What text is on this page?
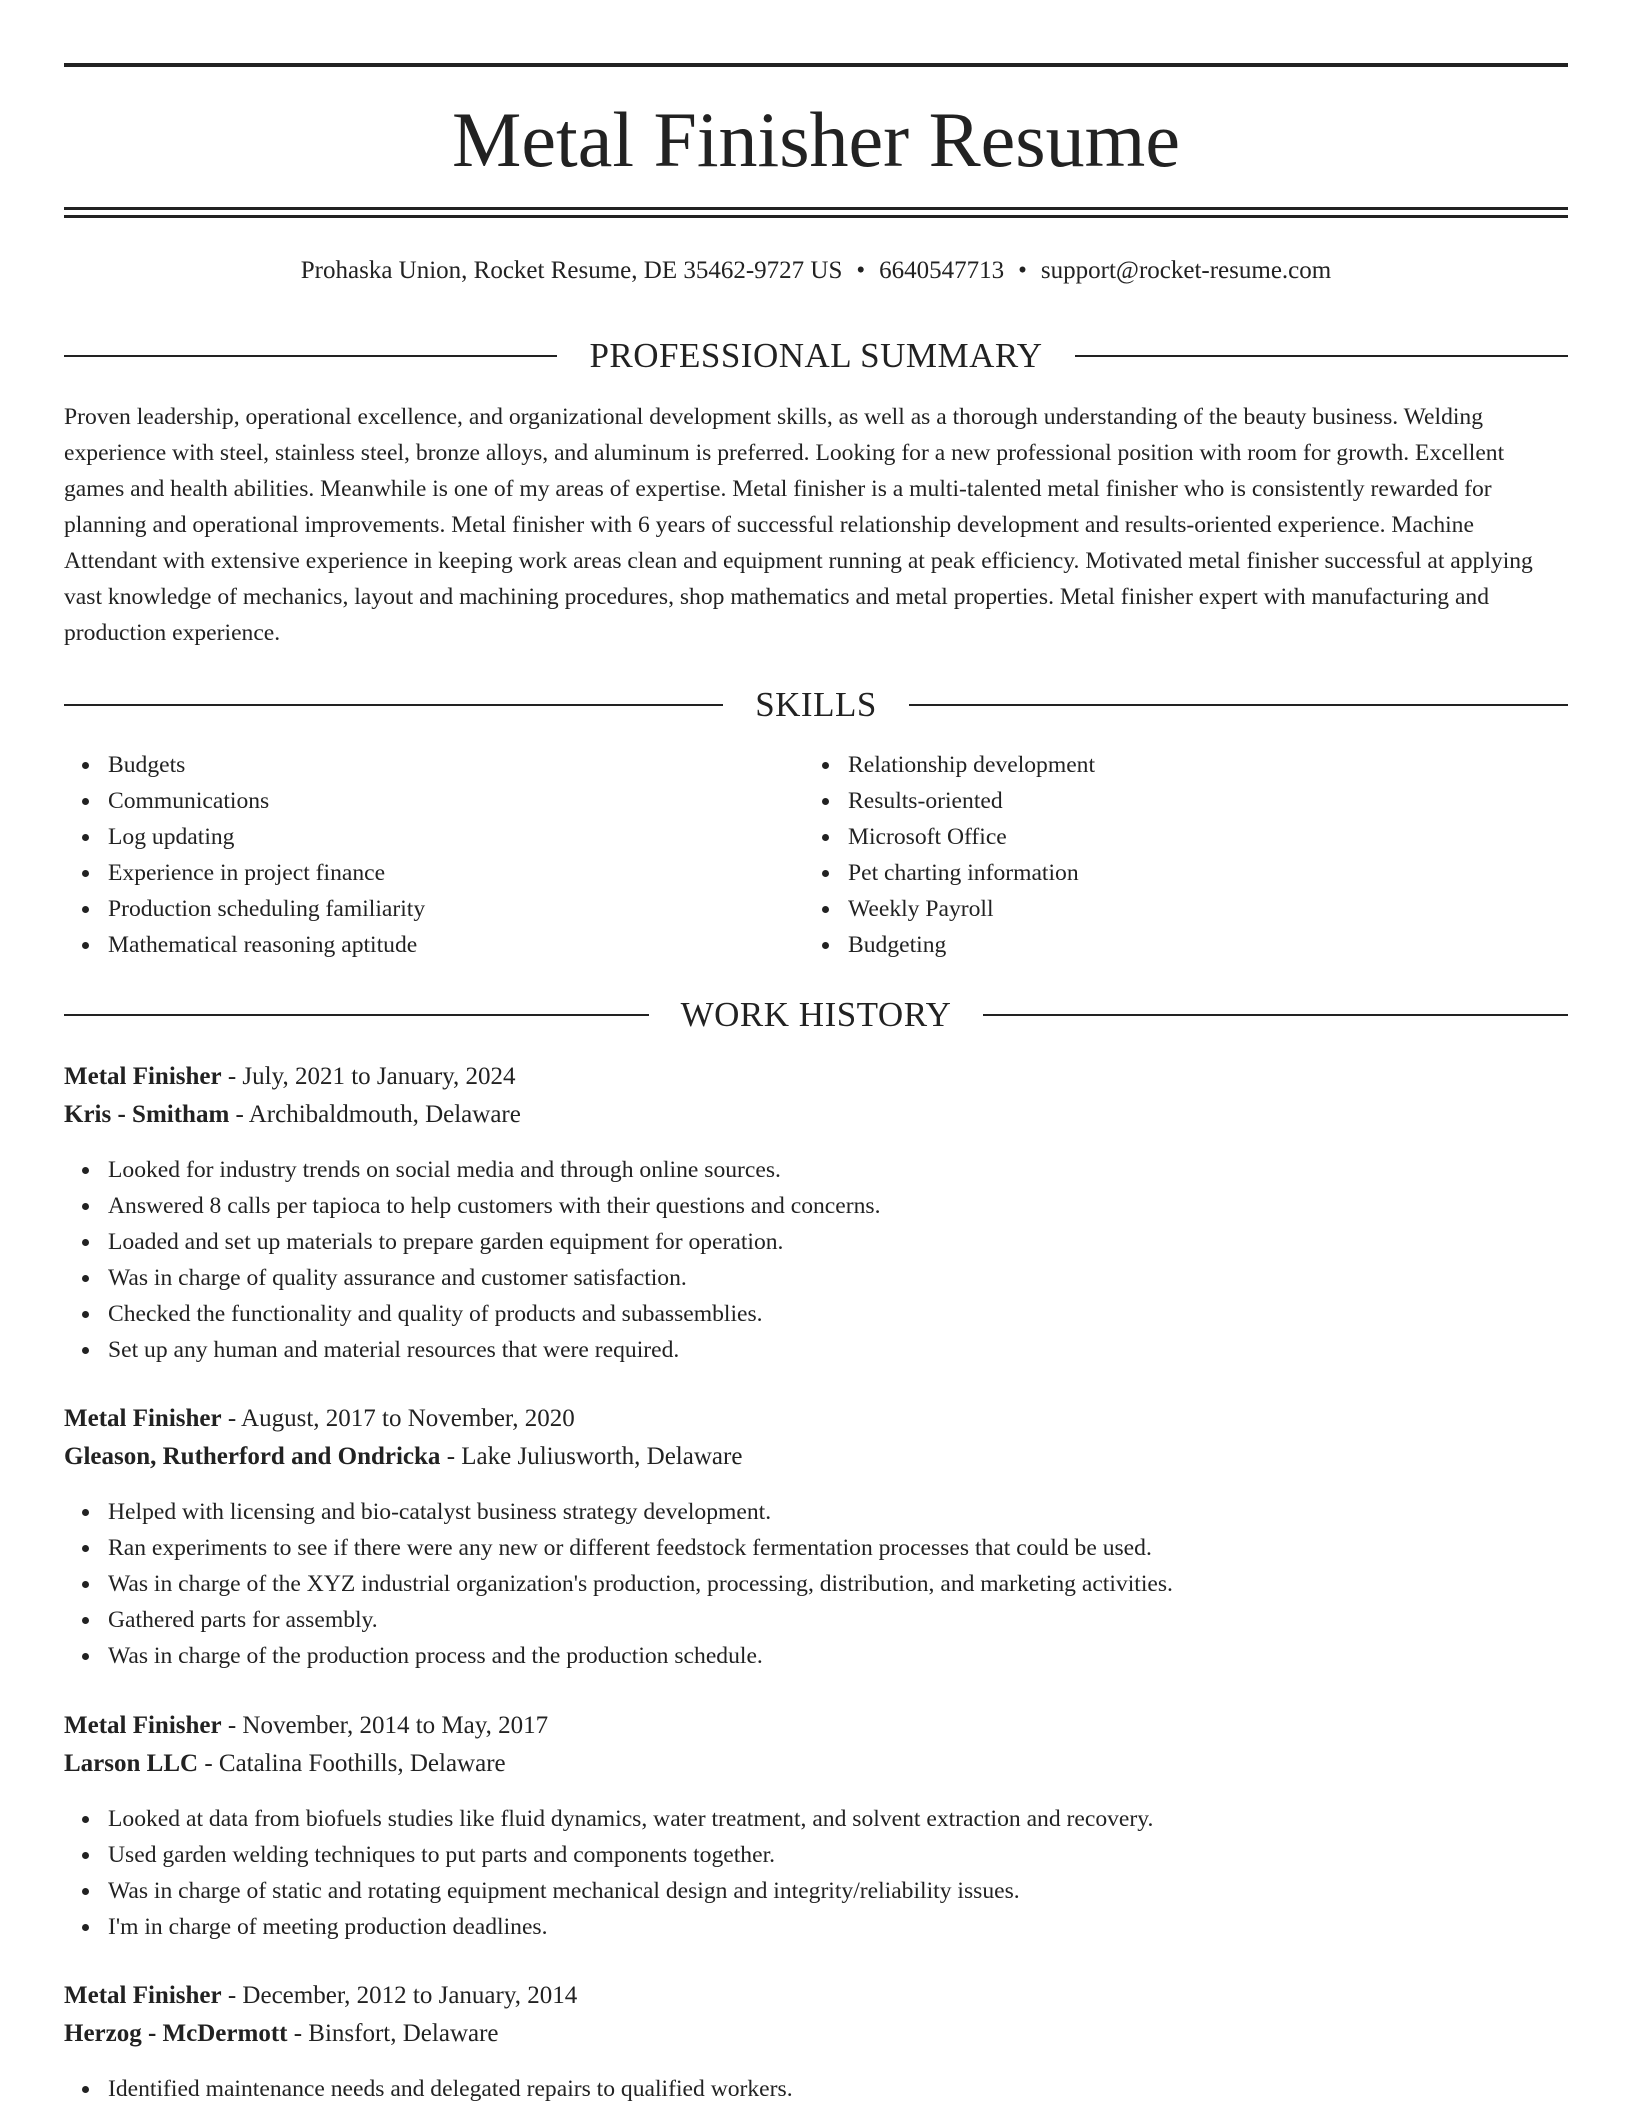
Metal Finisher Resume
Prohaska Union, Rocket Resume, DE 35462-9727 US • 6640547713 • support@rocket-resume.com
PROFESSIONAL SUMMARY

Proven leadership, operational excellence, and organizational development skills, as well as a thorough understanding of the beauty business. Welding experience with steel, stainless steel, bronze alloys, and aluminum is preferred. Looking for a new professional position with room for growth. Excellent games and health abilities. Meanwhile is one of my areas of expertise. Metal finisher is a multi-talented metal finisher who is consistently rewarded for planning and operational improvements. Metal finisher with 6 years of successful relationship development and results-oriented experience. Machine Attendant with extensive experience in keeping work areas clean and equipment running at peak efficiency. Motivated metal finisher successful at applying vast knowledge of mechanics, layout and machining procedures, shop mathematics and metal properties. Metal finisher expert with manufacturing and production experience.

SKILLS
Budgets
Communications
Log updating
Experience in project finance
Production scheduling familiarity
Mathematical reasoning aptitude
Relationship development
Results-oriented
Microsoft Office
Pet charting information
Weekly Payroll
Budgeting
WORK HISTORY
Metal Finisher - July, 2021 to January, 2024
Kris - Smitham - Archibaldmouth, Delaware
Looked for industry trends on social media and through online sources.
Answered 8 calls per tapioca to help customers with their questions and concerns.
Loaded and set up materials to prepare garden equipment for operation.
Was in charge of quality assurance and customer satisfaction.
Checked the functionality and quality of products and subassemblies.
Set up any human and material resources that were required.
Metal Finisher - August, 2017 to November, 2020
Gleason, Rutherford and Ondricka - Lake Juliusworth, Delaware
Helped with licensing and bio-catalyst business strategy development.
Ran experiments to see if there were any new or different feedstock fermentation processes that could be used.
Was in charge of the XYZ industrial organization's production, processing, distribution, and marketing activities.
Gathered parts for assembly.
Was in charge of the production process and the production schedule.
Metal Finisher - November, 2014 to May, 2017
Larson LLC - Catalina Foothills, Delaware
Looked at data from biofuels studies like fluid dynamics, water treatment, and solvent extraction and recovery.
Used garden welding techniques to put parts and components together.
Was in charge of static and rotating equipment mechanical design and integrity/reliability issues.
I'm in charge of meeting production deadlines.
Metal Finisher - December, 2012 to January, 2014
Herzog - McDermott - Binsfort, Delaware
Identified maintenance needs and delegated repairs to qualified workers.
